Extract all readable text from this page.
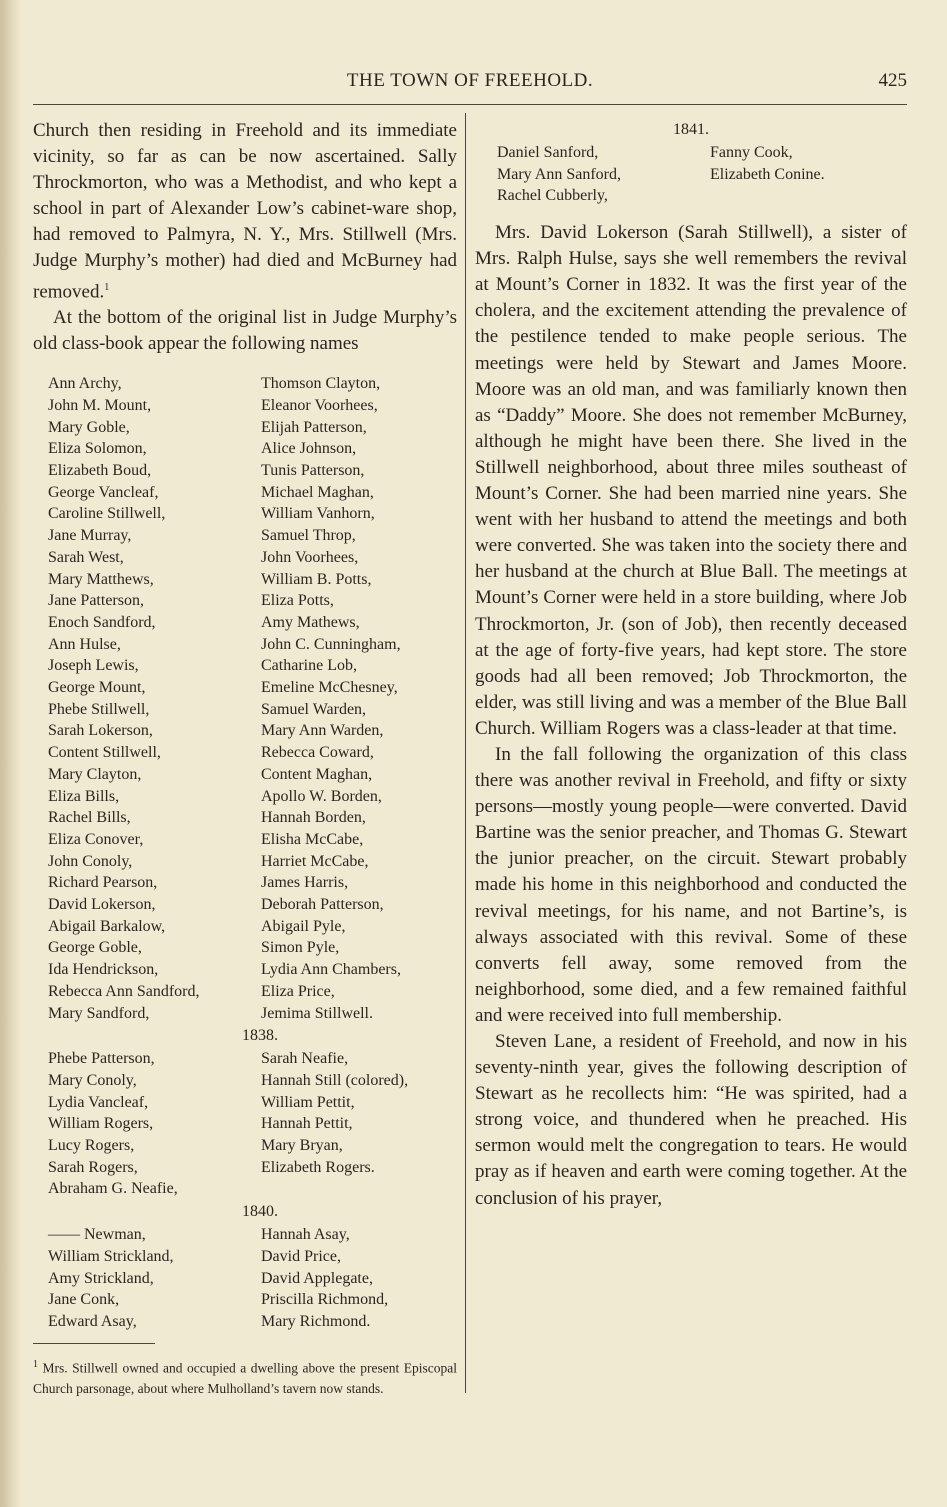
THE TOWN OF FREEHOLD.	425

Church then residing in Freehold and its immediate vicinity, so far as can be now ascertained. Sally Throckmorton, who was a Methodist, and who kept a school in part of Alexander Low’s cabinet-ware shop, had removed to Palmyra, N. Y., Mrs. Stillwell (Mrs. Judge Murphy’s mother) had died and McBurney had removed.$^1$

At the bottom of the original list in Judge Murphy’s old class-book appear the following names

Ann Archy,	Thomson Clayton,
John M. Mount,	Eleanor Voorhees,
Mary Goble,	Elijah Patterson,
Eliza Solomon,	Alice Johnson,
Elizabeth Boud,	Tunis Patterson,
George Vancleaf,	Michael Maghan,
Caroline Stillwell,	William Vanhorn,
Jane Murray,	Samuel Throp,
Sarah West,	John Voorhees,
Mary Matthews,	William B. Potts,
Jane Patterson,	Eliza Potts,
Enoch Sandford,	Amy Mathews,
Ann Hulse,	John C. Cunningham,
Joseph Lewis,	Catharine Lob,
George Mount,	Emeline McChesney,
Phebe Stillwell,	Samuel Warden,
Sarah Lokerson,	Mary Ann Warden,
Content Stillwell,	Rebecca Coward,
Mary Clayton,	Content Maghan,
Eliza Bills,	Apollo W. Borden,
Rachel Bills,	Hannah Borden,
Eliza Conover,	Elisha McCabe,
John Conoly,	Harriet McCabe,
Richard Pearson,	James Harris,
David Lokerson,	Deborah Patterson,
Abigail Barkalow,	Abigail Pyle,
George Goble,	Simon Pyle,
Ida Hendrickson,	Lydia Ann Chambers,
Rebecca Ann Sandford,	Eliza Price,
Mary Sandford,	Jemima Stillwell.
1838.
Phebe Patterson,	Sarah Neafie,
Mary Conoly,	Hannah Still (colored),
Lydia Vancleaf,	William Pettit,
William Rogers,	Hannah Pettit,
Lucy Rogers,	Mary Bryan,
Sarah Rogers,	Elizabeth Rogers.
Abraham G. Neafie,
1840.
—— Newman,	Hannah Asay,
William Strickland,	David Price,
Amy Strickland,	David Applegate,
Jane Conk,	Priscilla Richmond,
Edward Asay,	Mary Richmond.
$^1$ Mrs. Stillwell owned and occupied a dwelling above the present Episcopal Church parsonage, about where Mulholland’s tavern now stands.
1841.
Daniel Sanford,	Fanny Cook,
Mary Ann Sanford,	Elizabeth Conine.
Rachel Cubberly,

Mrs. David Lokerson (Sarah Stillwell), a sister of Mrs. Ralph Hulse, says she well remembers the revival at Mount’s Corner in 1832. It was the first year of the cholera, and the excitement attending the prevalence of the pestilence tended to make people serious. The meetings were held by Stewart and James Moore. Moore was an old man, and was familiarly known then as “Daddy” Moore. She does not remember McBurney, although he might have been there. She lived in the Stillwell neighborhood, about three miles southeast of Mount’s Corner. She had been married nine years. She went with her husband to attend the meetings and both were converted. She was taken into the society there and her husband at the church at Blue Ball. The meetings at Mount’s Corner were held in a store building, where Job Throckmorton, Jr. (son of Job), then recently deceased at the age of forty-five years, had kept store. The store goods had all been removed; Job Throckmorton, the elder, was still living and was a member of the Blue Ball Church. William Rogers was a class-leader at that time.

In the fall following the organization of this class there was another revival in Freehold, and fifty or sixty persons—mostly young people—were converted. David Bartine was the senior preacher, and Thomas G. Stewart the junior preacher, on the circuit. Stewart probably made his home in this neighborhood and conducted the revival meetings, for his name, and not Bartine’s, is always associated with this revival. Some of these converts fell away, some removed from the neighborhood, some died, and a few remained faithful and were received into full membership.

Steven Lane, a resident of Freehold, and now in his seventy-ninth year, gives the following description of Stewart as he recollects him: “He was spirited, had a strong voice, and thundered when he preached. His sermon would melt the congregation to tears. He would pray as if heaven and earth were coming together. At the conclusion of his prayer,
